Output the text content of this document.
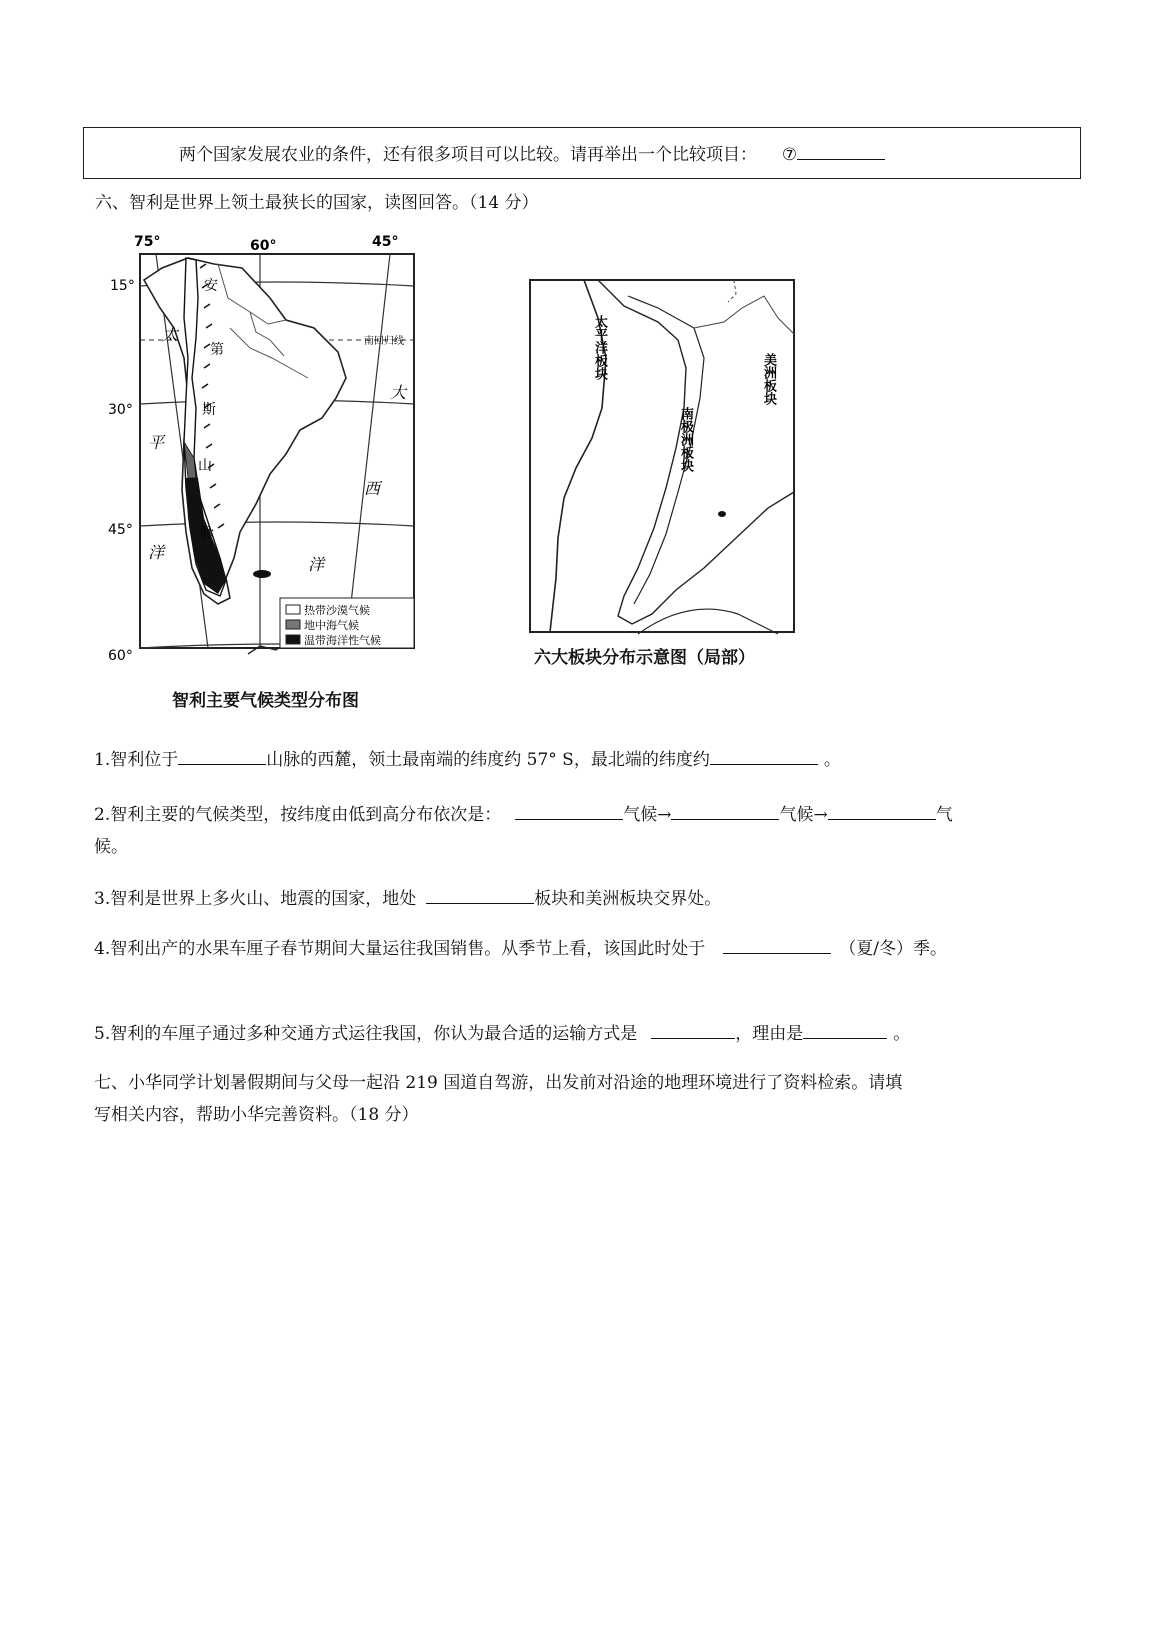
两个国家发展农业的条件，还有很多项目可以比较。请再举出一个比较项目： ⑦
六、智利是世界上领土最狭长的国家，读图回答。（14 分）
75°	60°	45°
15°
30°
45°
60°
安
第
斯
山
脉
太
平
洋
大
西
洋
南回归线
热带沙漠气候
地中海气候
温带海洋性气候
智利主要气候类型分布图
太平洋板块
南极洲板块
美洲板块
六大板块分布示意图（局部）
1.智利位于	山脉的西麓，领土最南端的纬度约 57° S，最北端的纬度约	。
2.智利主要的气候类型，按纬度由低到高分布依次是：	气候→	气候→	气
候。
3.智利是世界上多火山、地震的国家，地处	板块和美洲板块交界处。
4.智利出产的水果车厘子春节期间大量运往我国销售。从季节上看，该国此时处于	（夏/冬）季。
5.智利的车厘子通过多种交通方式运往我国，你认为最合适的运输方式是	，理由是	。
七、小华同学计划暑假期间与父母一起沿 219 国道自驾游，出发前对沿途的地理环境进行了资料检索。请填
写相关内容，帮助小华完善资料。（18 分）
